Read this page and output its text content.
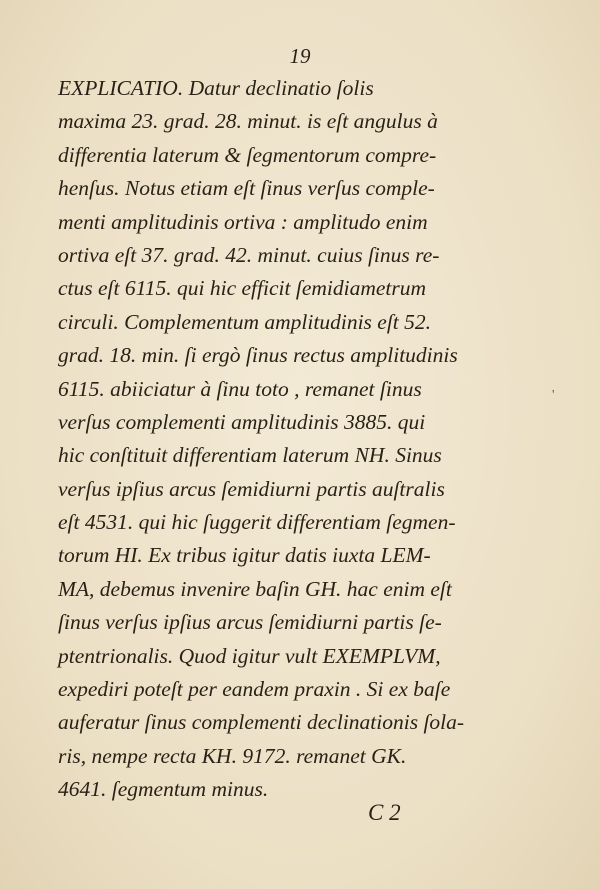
19
EXPLICATIO. Datur declinatio ſolis
maxima 23. grad. 28. minut. is eſt angulus à
differentia laterum & ſegmentorum compre-
henſus. Notus etiam eſt ſinus verſus comple-
menti amplitudinis ortiva : amplitudo enim
ortiva eſt 37. grad. 42. minut. cuius ſinus re-
ctus eſt 6115. qui hic efficit ſemidiametrum
circuli. Complementum amplitudinis eſt 52.
grad. 18. min. ſi ergò ſinus rectus amplitudinis
6115. abiiciatur à ſinu toto , remanet ſinus
verſus complementi amplitudinis 3885. qui
hic conſtituit differentiam laterum NH. Sinus
verſus ipſius arcus ſemidiurni partis auſtralis
eſt 4531. qui hic ſuggerit differentiam ſegmen-
torum HI. Ex tribus igitur datis iuxta LEM-
MA, debemus invenire baſin GH. hac enim eſt
ſinus verſus ipſius arcus ſemidiurni partis ſe-
ptentrionalis. Quod igitur vult EXEMPLVM,
expediri poteſt per eandem praxin . Si ex baſe
auferatur ſinus complementi declinationis ſola-
ris, nempe recta KH. 9172. remanet GK.
4641. ſegmentum minus.
'
C 2
